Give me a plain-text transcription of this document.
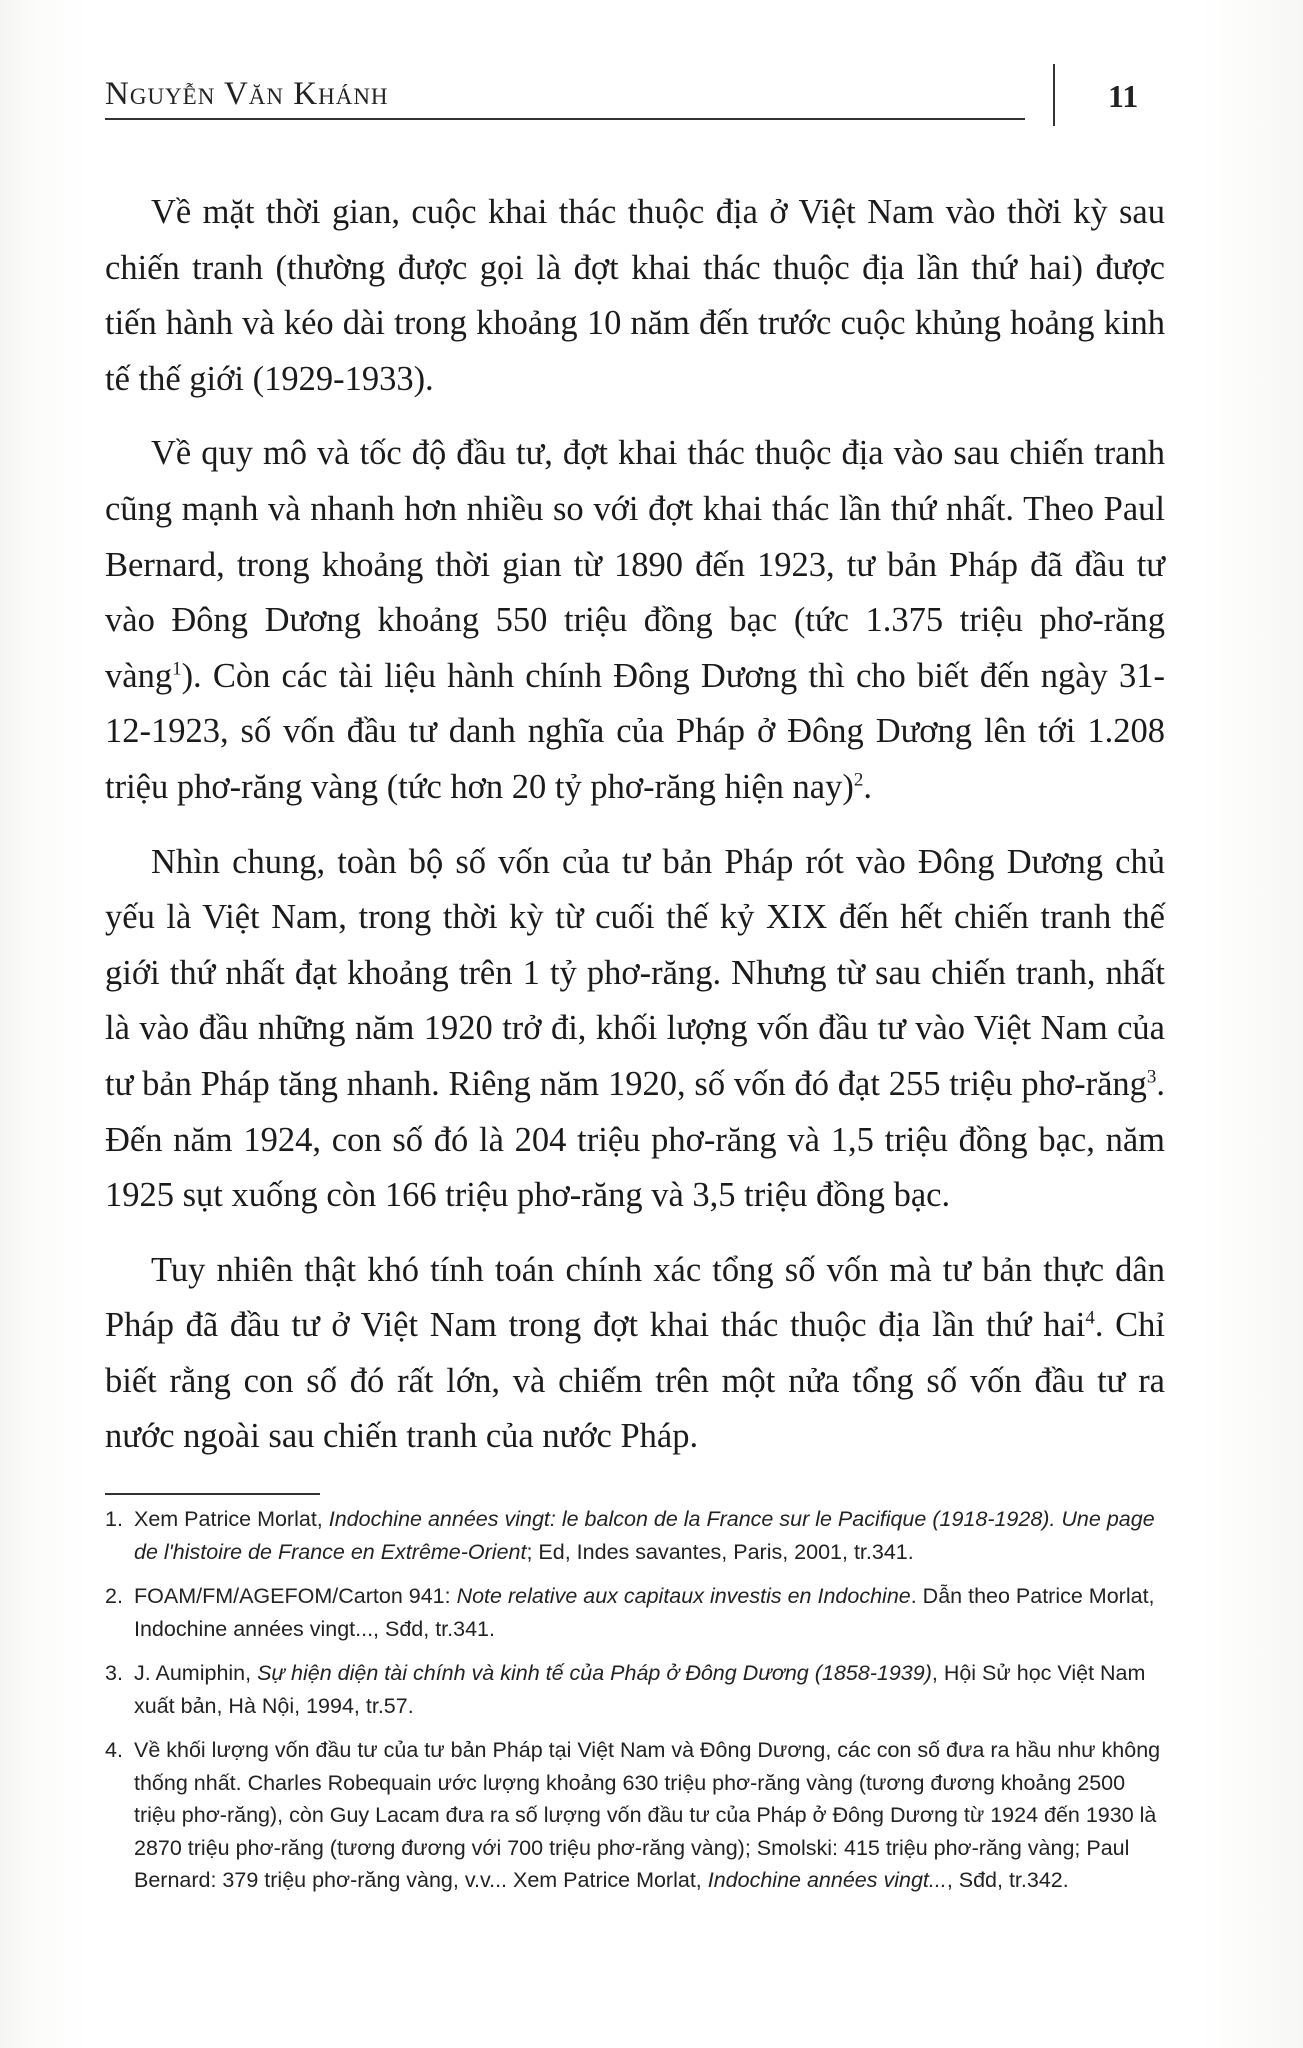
Nguyễn Văn Khánh	11

Về mặt thời gian, cuộc khai thác thuộc địa ở Việt Nam vào thời kỳ sau chiến tranh (thường được gọi là đợt khai thác thuộc địa lần thứ hai) được tiến hành và kéo dài trong khoảng 10 năm đến trước cuộc khủng hoảng kinh tế thế giới (1929-1933).

Về quy mô và tốc độ đầu tư, đợt khai thác thuộc địa vào sau chiến tranh cũng mạnh và nhanh hơn nhiều so với đợt khai thác lần thứ nhất. Theo Paul Bernard, trong khoảng thời gian từ 1890 đến 1923, tư bản Pháp đã đầu tư vào Đông Dương khoảng 550 triệu đồng bạc (tức 1.375 triệu phơ-răng vàng$^1$). Còn các tài liệu hành chính Đông Dương thì cho biết đến ngày 31-12-1923, số vốn đầu tư danh nghĩa của Pháp ở Đông Dương lên tới 1.208 triệu phơ-răng vàng (tức hơn 20 tỷ phơ-răng hiện nay)$^2$.

Nhìn chung, toàn bộ số vốn của tư bản Pháp rót vào Đông Dương chủ yếu là Việt Nam, trong thời kỳ từ cuối thế kỷ XIX đến hết chiến tranh thế giới thứ nhất đạt khoảng trên 1 tỷ phơ-răng. Nhưng từ sau chiến tranh, nhất là vào đầu những năm 1920 trở đi, khối lượng vốn đầu tư vào Việt Nam của tư bản Pháp tăng nhanh. Riêng năm 1920, số vốn đó đạt 255 triệu phơ-răng$^3$. Đến năm 1924, con số đó là 204 triệu phơ-răng và 1,5 triệu đồng bạc, năm 1925 sụt xuống còn 166 triệu phơ-răng và 3,5 triệu đồng bạc.

Tuy nhiên thật khó tính toán chính xác tổng số vốn mà tư bản thực dân Pháp đã đầu tư ở Việt Nam trong đợt khai thác thuộc địa lần thứ hai$^4$. Chỉ biết rằng con số đó rất lớn, và chiếm trên một nửa tổng số vốn đầu tư ra nước ngoài sau chiến tranh của nước Pháp.

1. Xem Patrice Morlat, Indochine années vingt: le balcon de la France sur le Pacifique (1918-1928). Une page de l'histoire de France en Extrême-Orient; Ed, Indes savantes, Paris, 2001, tr.341.
2. FOAM/FM/AGEFOM/Carton 941: Note relative aux capitaux investis en Indochine. Dẫn theo Patrice Morlat, Indochine années vingt..., Sđd, tr.341.
3. J. Aumiphin, Sự hiện diện tài chính và kinh tế của Pháp ở Đông Dương (1858-1939), Hội Sử học Việt Nam xuất bản, Hà Nội, 1994, tr.57.
4. Về khối lượng vốn đầu tư của tư bản Pháp tại Việt Nam và Đông Dương, các con số đưa ra hầu như không thống nhất. Charles Robequain ước lượng khoảng 630 triệu phơ-răng vàng (tương đương khoảng 2500 triệu phơ-răng), còn Guy Lacam đưa ra số lượng vốn đầu tư của Pháp ở Đông Dương từ 1924 đến 1930 là 2870 triệu phơ-răng (tương đương với 700 triệu phơ-răng vàng); Smolski: 415 triệu phơ-răng vàng; Paul Bernard: 379 triệu phơ-răng vàng, v.v... Xem Patrice Morlat, Indochine années vingt..., Sđd, tr.342.
